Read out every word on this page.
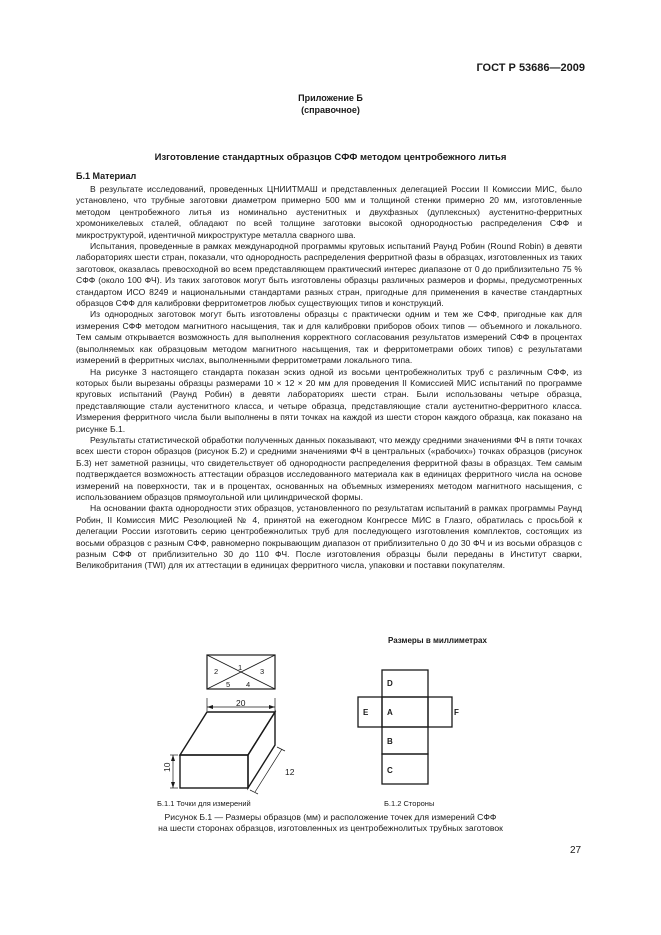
ГОСТ Р 53686—2009
Приложение Б
(справочное)
Изготовление стандартных образцов СФФ методом центробежного литья
Б.1 Материал

В результате исследований, проведенных ЦНИИТМАШ и представленных делегацией России II Комиссии МИС, было установлено, что трубные заготовки диаметром примерно 500 мм и толщиной стенки примерно 20 мм, изготовленные методом центробежного литья из номинально аустенитных и двухфазных (дуплексных) аустенитно-ферритных хромоникелевых сталей, обладают по всей толщине заготовки высокой однородностью распределения СФФ и микроструктурой, идентичной микроструктуре металла сварного шва.

Испытания, проведенные в рамках международной программы круговых испытаний Раунд Робин (Round Robin) в девяти лабораториях шести стран, показали, что однородность распределения ферритной фазы в образцах, изготовленных из таких заготовок, оказалась превосходной во всем представляющем практический интерес диапазоне от 0 до приблизительно 75 % СФФ (около 100 ФЧ). Из таких заготовок могут быть изготовлены образцы различных размеров и формы, предусмотренных стандартом ИСО 8249 и национальными стандартами разных стран, пригодные для применения в качестве стандартных образцов СФФ для калибровки ферритометров любых существующих типов и конструкций.

Из однородных заготовок могут быть изготовлены образцы с практически одним и тем же СФФ, пригодные как для измерения СФФ методом магнитного насыщения, так и для калибровки приборов обоих типов — объемного и локального. Тем самым открывается возможность для выполнения корректного согласования результатов измерений СФФ в процентах (выполняемых как образцовым методом магнитного насыщения, так и ферритометрами обоих типов) с результатами измерений в ферритных числах, выполненными ферритометрами локального типа.

На рисунке 3 настоящего стандарта показан эскиз одной из восьми центробежнолитых труб с различным СФФ, из которых были вырезаны образцы размерами 10 × 12 × 20 мм для проведения II Комиссией МИС испытаний по программе круговых испытаний (Раунд Робин) в девяти лабораториях шести стран. Были использованы четыре образца, представляющие стали аустенитного класса, и четыре образца, представляющие стали аустенитно-ферритного класса. Измерения ферритного числа были выполнены в пяти точках на каждой из шести сторон каждого образца, как показано на рисунке Б.1.

Результаты статистической обработки полученных данных показывают, что между средними значениями ФЧ в пяти точках всех шести сторон образцов (рисунок Б.2) и средними значениями ФЧ в центральных («рабочих») точках образцов (рисунок Б.3) нет заметной разницы, что свидетельствует об однородности распределения ферритной фазы в образцах. Тем самым подтверждается возможность аттестации образцов исследованного материала как в единицах ферритного числа на основе измерений на поверхности, так и в процентах, основанных на объемных измерениях методом магнитного насыщения, с использованием образцов прямоугольной или цилиндрической формы.

На основании факта однородности этих образцов, установленного по результатам испытаний в рамках программы Раунд Робин, II Комиссия МИС Резолюцией № 4, принятой на ежегодном Конгрессе МИС в Глазго, обратилась с просьбой к делегации России изготовить серию центробежнолитых труб для последующего изготовления комплектов, состоящих из восьми образцов с разным СФФ, равномерно покрывающим диапазон от приблизительно 0 до 30 ФЧ и из восьми образцов с разным СФФ от приблизительно 30 до 110 ФЧ. После изготовления образцы были переданы в Институт сварки, Великобритания (TWI) для их аттестации в единицах ферритного числа, упаковки и поставки покупателям.

Размеры в миллиметрах
1
2	3
4
5
20
10	12
D
E A	F
B
C
Б.1.1 Точки для измерений	Б.1.2 Стороны
Рисунок Б.1 — Размеры образцов (мм) и расположение точек для измерений СФФ
на шести сторонах образцов, изготовленных из центробежнолитых трубных заготовок
27
